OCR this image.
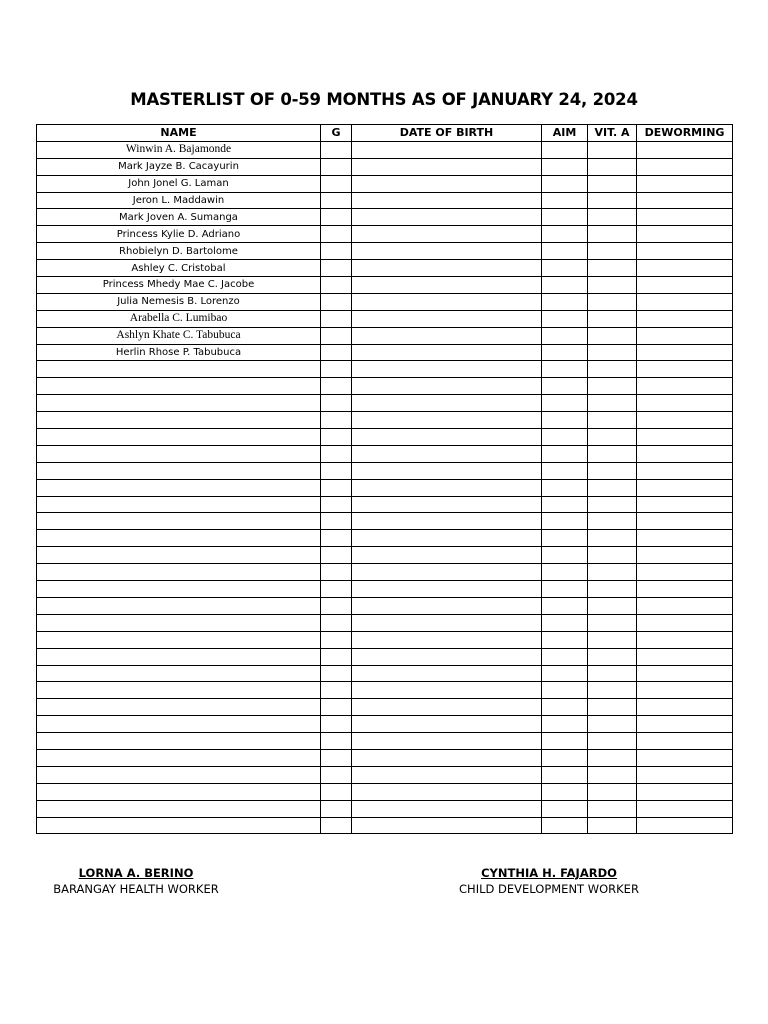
MASTERLIST OF 0-59 MONTHS AS OF JANUARY 24, 2024
NAME	G	DATE OF BIRTH	AIM	VIT. A	DEWORMING
Winwin A. Bajamonde					
Mark Jayze B. Cacayurin					
John Jonel G. Laman					
Jeron L. Maddawin					
Mark Joven A. Sumanga					
Princess Kylie D. Adriano					
Rhobielyn D. Bartolome					
Ashley C. Cristobal					
Princess Mhedy Mae C. Jacobe					
Julia Nemesis B. Lorenzo					
Arabella C. Lumibao					
Ashlyn Khate C. Tabubuca					
Herlin Rhose P. Tabubuca					

LORNA A. BERINO
BARANGAY HEALTH WORKER
CYNTHIA H. FAJARDO
CHILD DEVELOPMENT WORKER
